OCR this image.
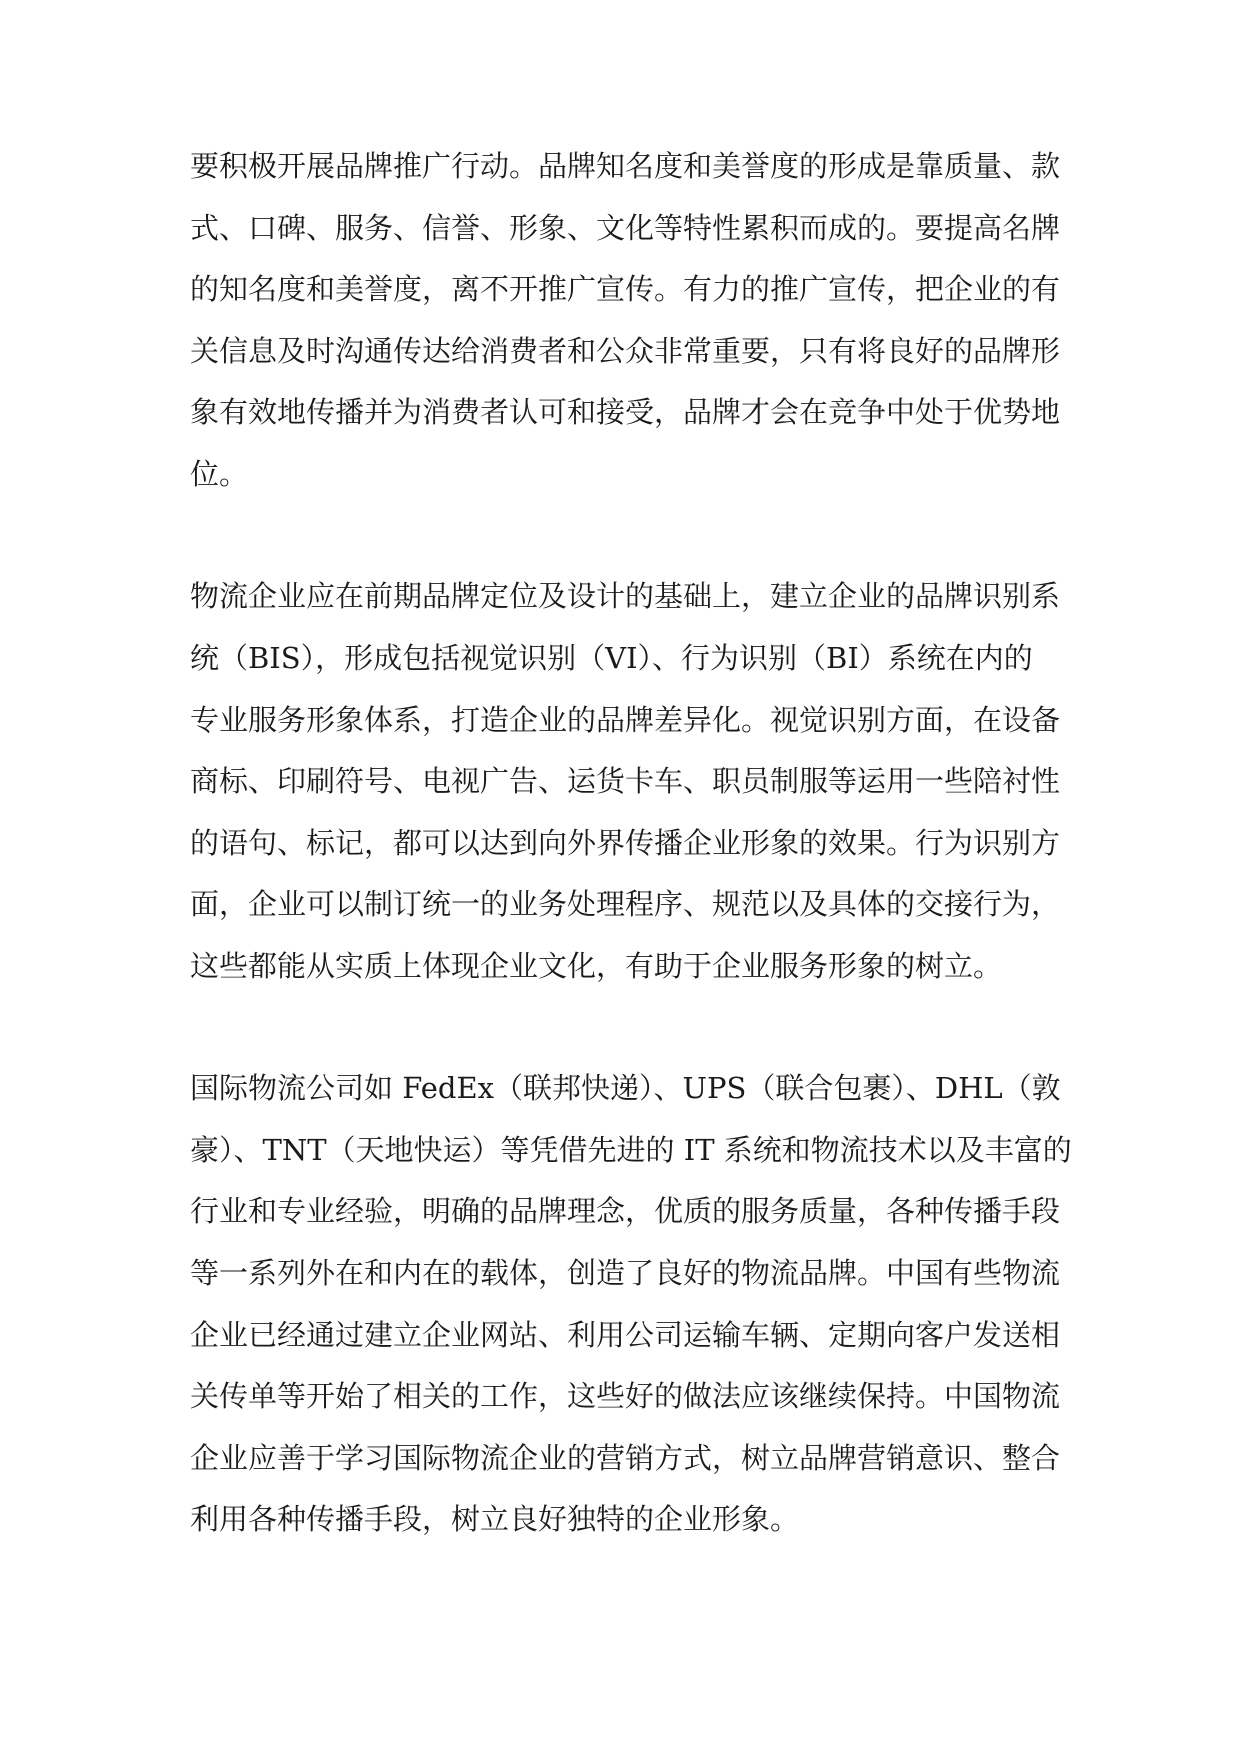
要积极开展品牌推广行动。品牌知名度和美誉度的形成是靠质量、款
式、口碑、服务、信誉、形象、文化等特性累积而成的。要提高名牌
的知名度和美誉度，离不开推广宣传。有力的推广宣传，把企业的有
关信息及时沟通传达给消费者和公众非常重要，只有将良好的品牌形
象有效地传播并为消费者认可和接受，品牌才会在竞争中处于优势地
位。
物流企业应在前期品牌定位及设计的基础上，建立企业的品牌识别系
统（BIS），形成包括视觉识别（VI）、行为识别（BI）系统在内的
专业服务形象体系，打造企业的品牌差异化。视觉识别方面，在设备
商标、印刷符号、电视广告、运货卡车、职员制服等运用一些陪衬性
的语句、标记，都可以达到向外界传播企业形象的效果。行为识别方
面，企业可以制订统一的业务处理程序、规范以及具体的交接行为，
这些都能从实质上体现企业文化，有助于企业服务形象的树立。
国际物流公司如 FedEx（联邦快递）、UPS（联合包裹）、DHL（敦
豪）、TNT（天地快运）等凭借先进的 IT 系统和物流技术以及丰富的
行业和专业经验，明确的品牌理念，优质的服务质量，各种传播手段
等一系列外在和内在的载体，创造了良好的物流品牌。中国有些物流
企业已经通过建立企业网站、利用公司运输车辆、定期向客户发送相
关传单等开始了相关的工作，这些好的做法应该继续保持。中国物流
企业应善于学习国际物流企业的营销方式，树立品牌营销意识、整合
利用各种传播手段，树立良好独特的企业形象。
